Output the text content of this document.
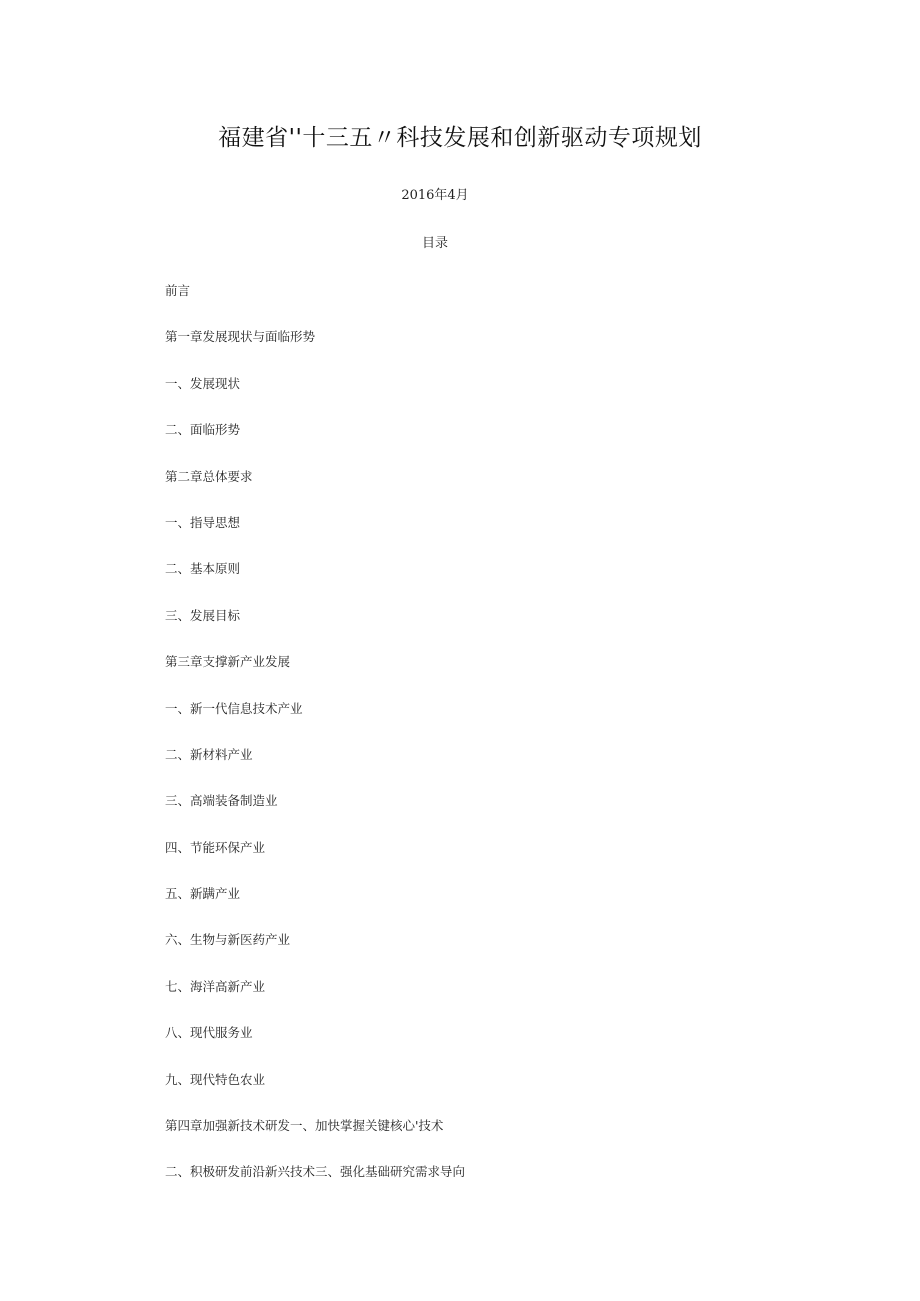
福建省''十三五〃科技发展和创新驱动专项规划
2016年4月
目录
前言
第一章发展现状与面临形势
一、发展现状
二、面临形势
第二章总体要求
一、指导思想
二、基本原则
三、发展目标
第三章支撑新产业发展
一、新一代信息技术产业
二、新材料产业
三、高端装备制造业
四、节能环保产业
五、新蹒产业
六、生物与新医药产业
七、海洋高新产业
八、现代服务业
九、现代特色农业
第四章加强新技术研发一、加快掌握关键核心'技术
二、积极研发前沿新兴技术三、强化基础研究需求导向
